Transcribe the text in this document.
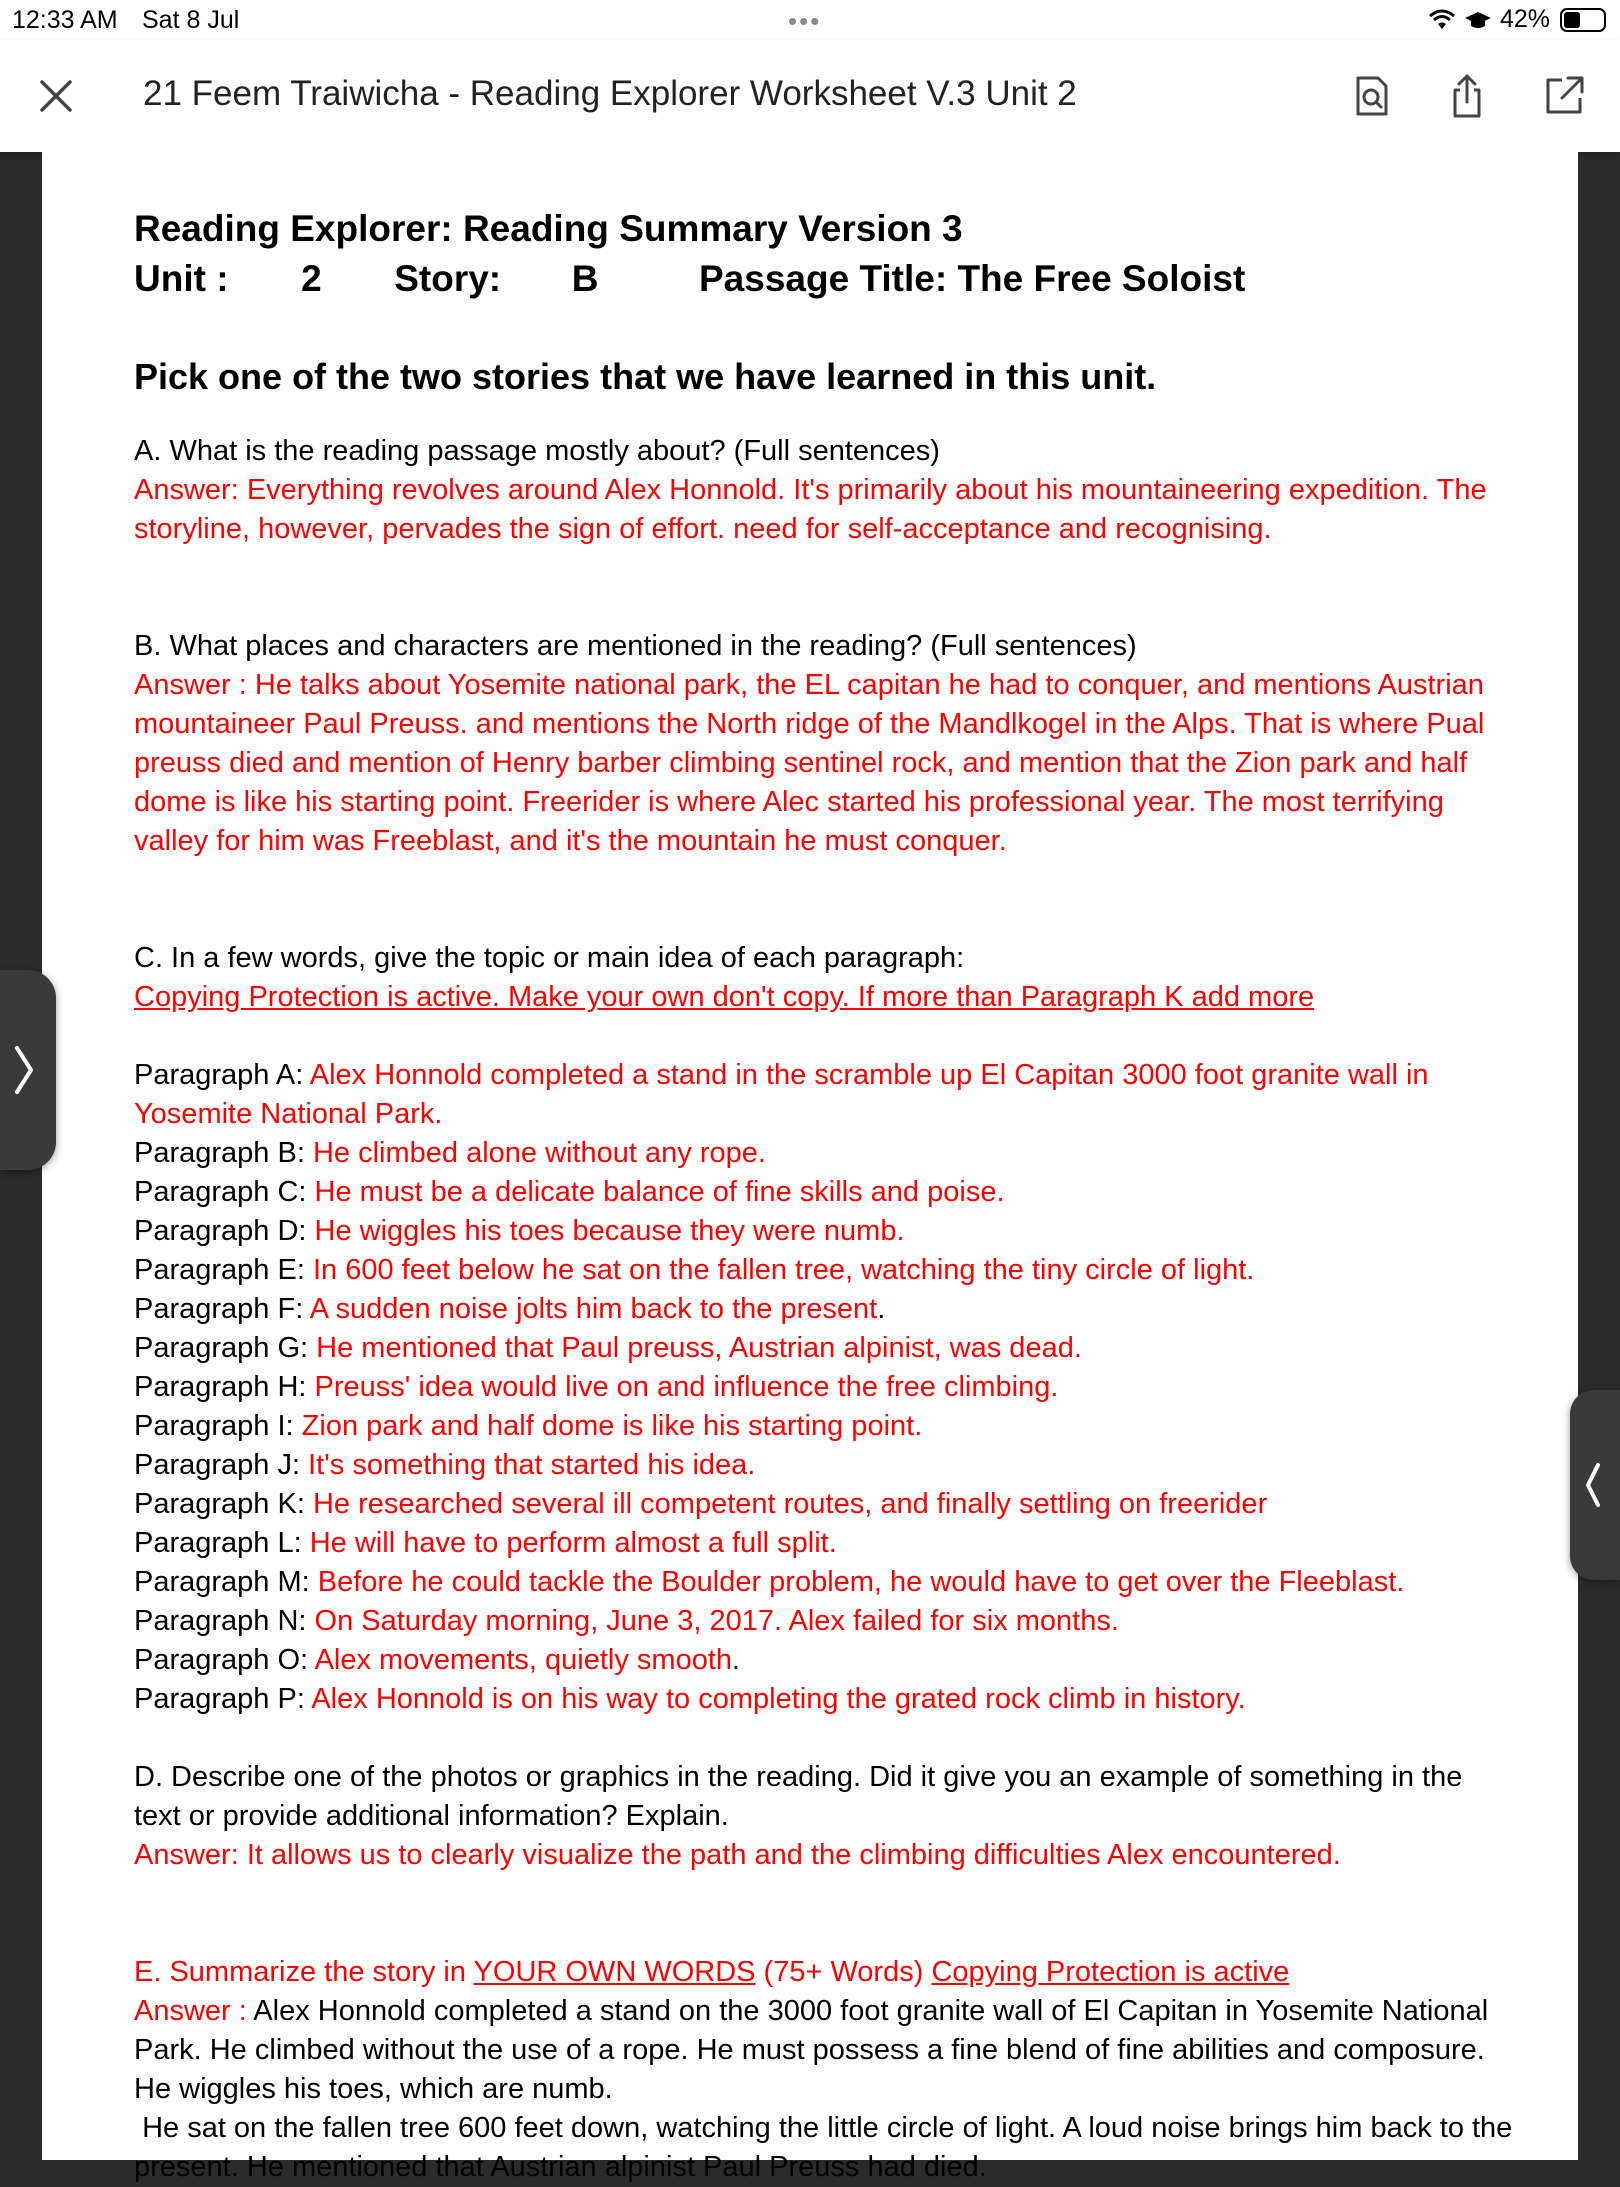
12:33 AM Sat 8 Jul	•••	42%
21 Feem Traiwicha - Reading Explorer Worksheet V.3 Unit 2
Reading Explorer: Reading Summary Version 3
Unit : 2 Story: B	Passage Title: The Free Soloist
Pick one of the two stories that we have learned in this unit.
A. What is the reading passage mostly about? (Full sentences)
Answer: Everything revolves around Alex Honnold. It's primarily about his mountaineering expedition. The storyline, however, pervades the sign of effort. need for self-acceptance and recognising.
B. What places and characters are mentioned in the reading? (Full sentences)
Answer : He talks about Yosemite national park, the EL capitan he had to conquer, and mentions Austrian mountaineer Paul Preuss. and mentions the North ridge of the Mandlkogel in the Alps. That is where Pual preuss died and mention of Henry barber climbing sentinel rock, and mention that the Zion park and half dome is like his starting point. Freerider is where Alec started his professional year. The most terrifying valley for him was Freeblast, and it's the mountain he must conquer.
C. In a few words, give the topic or main idea of each paragraph:
Copying Protection is active. Make your own don't copy. If more than Paragraph K add more
Paragraph A: Alex Honnold completed a stand in the scramble up El Capitan 3000 foot granite wall in Yosemite National Park.
Paragraph B: He climbed alone without any rope.
Paragraph C: He must be a delicate balance of fine skills and poise.
Paragraph D: He wiggles his toes because they were numb.
Paragraph E: In 600 feet below he sat on the fallen tree, watching the tiny circle of light.
Paragraph F: A sudden noise jolts him back to the present.
Paragraph G: He mentioned that Paul preuss, Austrian alpinist, was dead.
Paragraph H: Preuss' idea would live on and influence the free climbing.
Paragraph I: Zion park and half dome is like his starting point.
Paragraph J: It's something that started his idea.
Paragraph K: He researched several ill competent routes, and finally settling on freerider
Paragraph L: He will have to perform almost a full split.
Paragraph M: Before he could tackle the Boulder problem, he would have to get over the Fleeblast.
Paragraph N: On Saturday morning, June 3, 2017. Alex failed for six months.
Paragraph O: Alex movements, quietly smooth.
Paragraph P: Alex Honnold is on his way to completing the grated rock climb in history.
D. Describe one of the photos or graphics in the reading. Did it give you an example of something in the text or provide additional information? Explain.
Answer: It allows us to clearly visualize the path and the climbing difficulties Alex encountered.
E. Summarize the story in YOUR OWN WORDS (75+ Words) Copying Protection is active
Answer : Alex Honnold completed a stand on the 3000 foot granite wall of El Capitan in Yosemite National Park. He climbed without the use of a rope. He must possess a fine blend of fine abilities and composure. He wiggles his toes, which are numb.
He sat on the fallen tree 600 feet down, watching the little circle of light. A loud noise brings him back to the present. He mentioned that Austrian alpinist Paul Preuss had died.
